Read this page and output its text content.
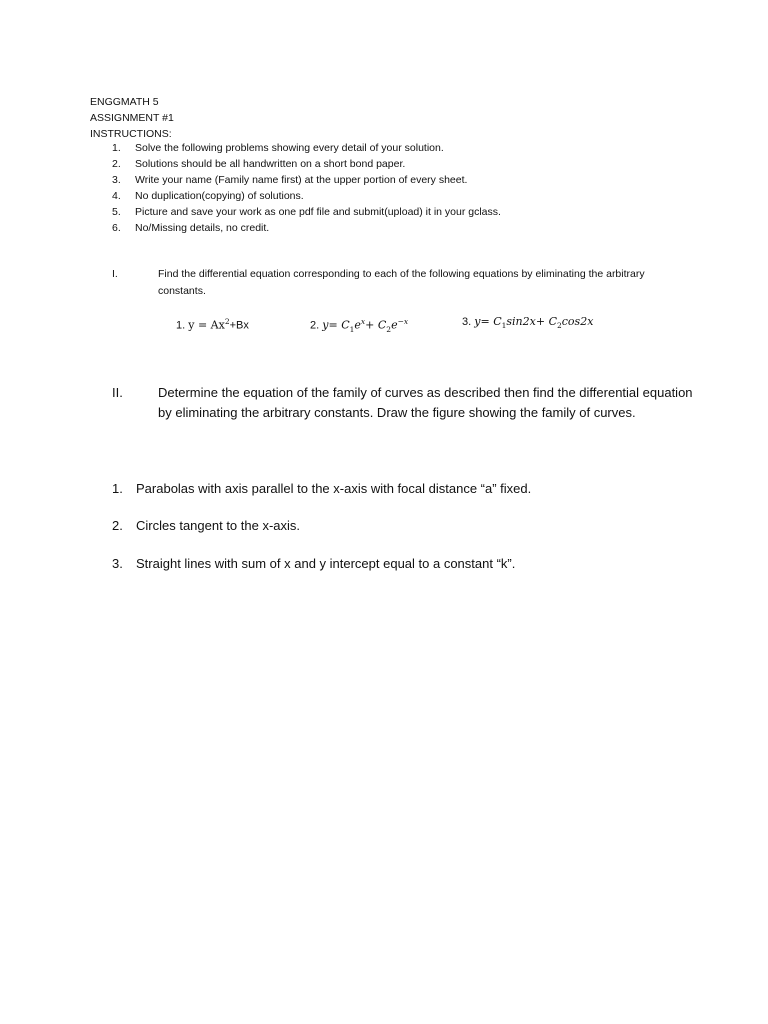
ENGGMATH 5
ASSIGNMENT #1
INSTRUCTIONS:
1.	Solve the following problems showing every detail of your solution.
2.	Solutions should be all handwritten on a short bond paper.
3.	Write your name (Family name first) at the upper portion of every sheet.
4.	No duplication(copying) of solutions.
5.	Picture and save your work as one pdf file and submit(upload) it in your gclass.
6.	No/Missing details, no credit.
I.	Find the differential equation corresponding to each of the following equations by eliminating the arbitrary constants.
1. $y = Ax^2+Bx$	2. $y= C_1e^x+ C_2e^{-x}$	3. $y= C_1\sin 2x+ C_2\cos 2x$
II.	Determine the equation of the family of curves as described then find the differential equation by eliminating the arbitrary constants. Draw the figure showing the family of curves.
1. Parabolas with axis parallel to the x-axis with focal distance “a” fixed.
2. Circles tangent to the x-axis.
3. Straight lines with sum of x and y intercept equal to a constant “k”.
